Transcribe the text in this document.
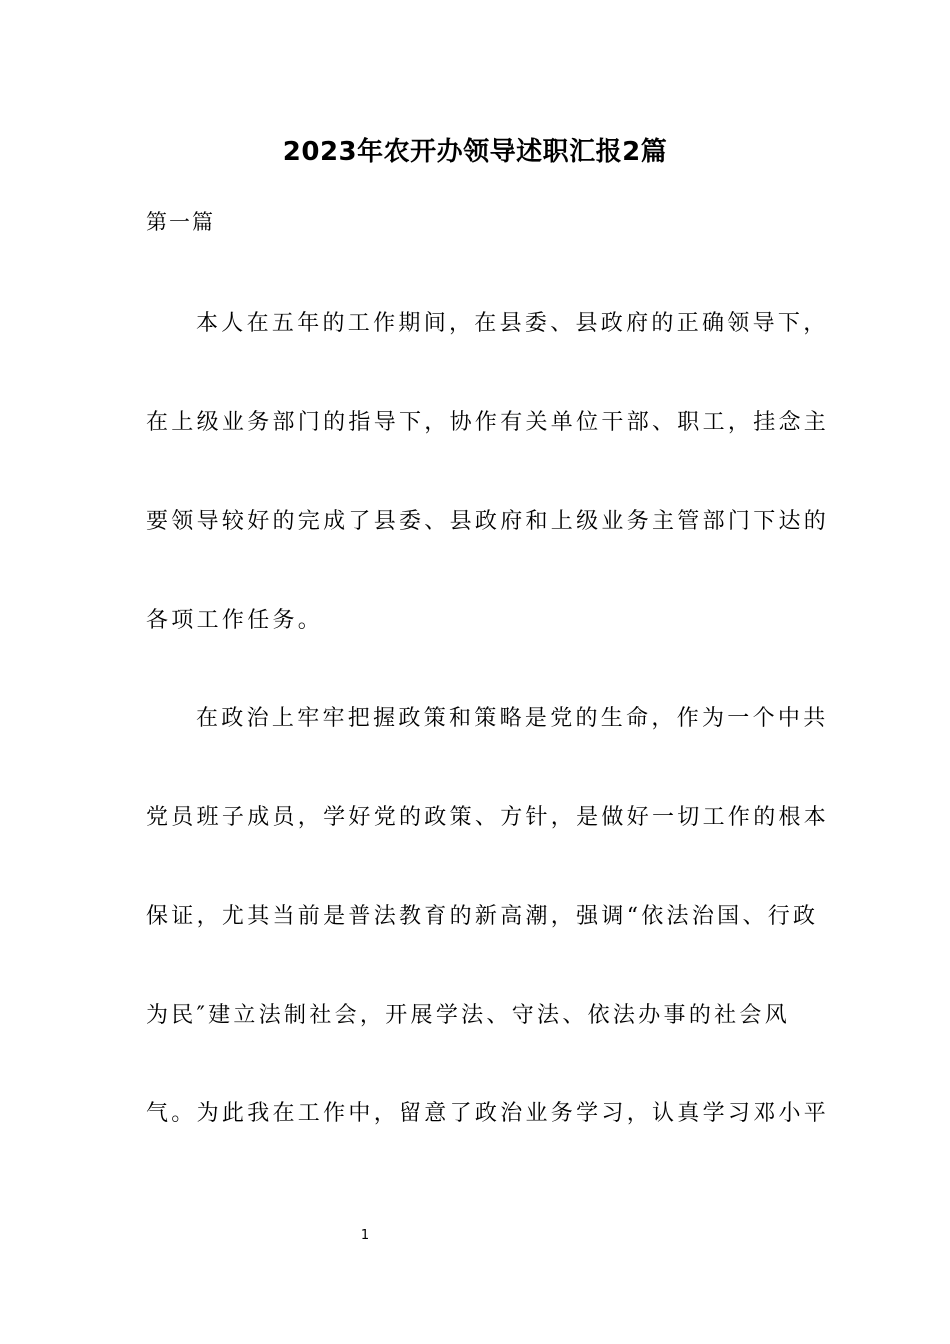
2023年农开办领导述职汇报2篇
第一篇
本人在五年的工作期间，在县委、县政府的正确领导下，
在上级业务部门的指导下，协作有关单位干部、职工，挂念主
要领导较好的完成了县委、县政府和上级业务主管部门下达的
各项工作任务。
在政治上牢牢把握政策和策略是党的生命，作为一个中共
党员班子成员，学好党的政策、方针，是做好一切工作的根本
保证，尤其当前是普法教育的新高潮，强调“依法治国、行政
为民″建立法制社会，开展学法、守法、依法办事的社会风
气。为此我在工作中，留意了政治业务学习，认真学习邓小平
1
